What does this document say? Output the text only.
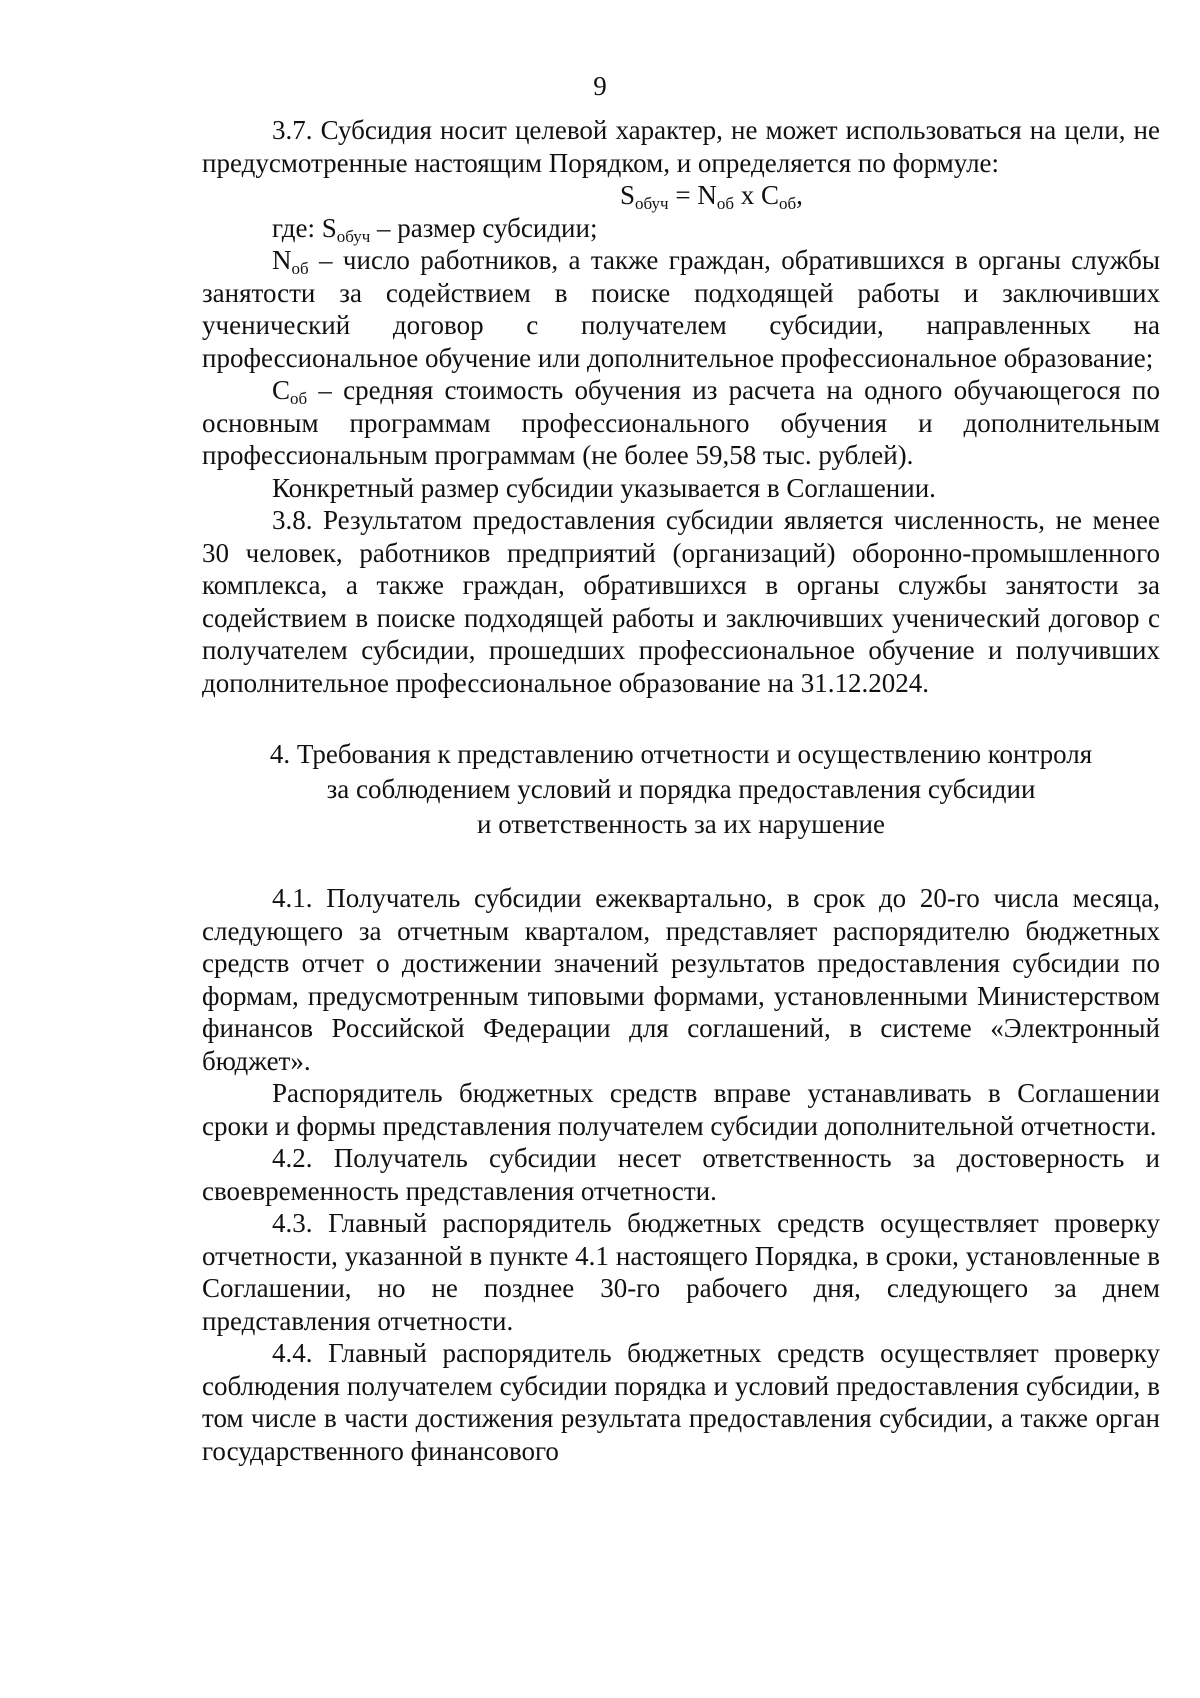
9

3.7. Субсидия носит целевой характер, не может использоваться на цели, не предусмотренные настоящим Порядком, и определяется по формуле:

$S_{обуч} = N_{об}$ x $C_{об}$,

где: $S_{обуч}$ – размер субсидии;

$N_{об}$ – число работников, а также граждан, обратившихся в органы службы занятости за содействием в поиске подходящей работы и заключивших ученический договор с получателем субсидии, направленных на профессиональное обучение или дополнительное профессиональное образование;

$C_{об}$ – средняя стоимость обучения из расчета на одного обучающегося по основным программам профессионального обучения и дополнительным профессиональным программам (не более 59,58 тыс. рублей).

Конкретный размер субсидии указывается в Соглашении.

3.8. Результатом предоставления субсидии является численность, не менее 30 человек, работников предприятий (организаций) оборонно-промышленного комплекса, а также граждан, обратившихся в органы службы занятости за содействием в поиске подходящей работы и заключивших ученический договор с получателем субсидии, прошедших профессиональное обучение и получивших дополнительное профессиональное образование на 31.12.2024.

4. Требования к представлению отчетности и осуществлению контроля
за соблюдением условий и порядка предоставления субсидии
и ответственность за их нарушение

4.1. Получатель субсидии ежеквартально, в срок до 20-го числа месяца, следующего за отчетным кварталом, представляет распорядителю бюджетных средств отчет о достижении значений результатов предоставления субсидии по формам, предусмотренным типовыми формами, установленными Министерством финансов Российской Федерации для соглашений, в системе «Электронный бюджет».

Распорядитель бюджетных средств вправе устанавливать в Соглашении сроки и формы представления получателем субсидии дополнительной отчетности.

4.2. Получатель субсидии несет ответственность за достоверность и своевременность представления отчетности.

4.3. Главный распорядитель бюджетных средств осуществляет проверку отчетности, указанной в пункте 4.1 настоящего Порядка, в сроки, установленные в Соглашении, но не позднее 30-го рабочего дня, следующего за днем представления отчетности.

4.4. Главный распорядитель бюджетных средств осуществляет проверку соблюдения получателем субсидии порядка и условий предоставления субсидии, в том числе в части достижения результата предоставления субсидии, а также орган государственного финансового
